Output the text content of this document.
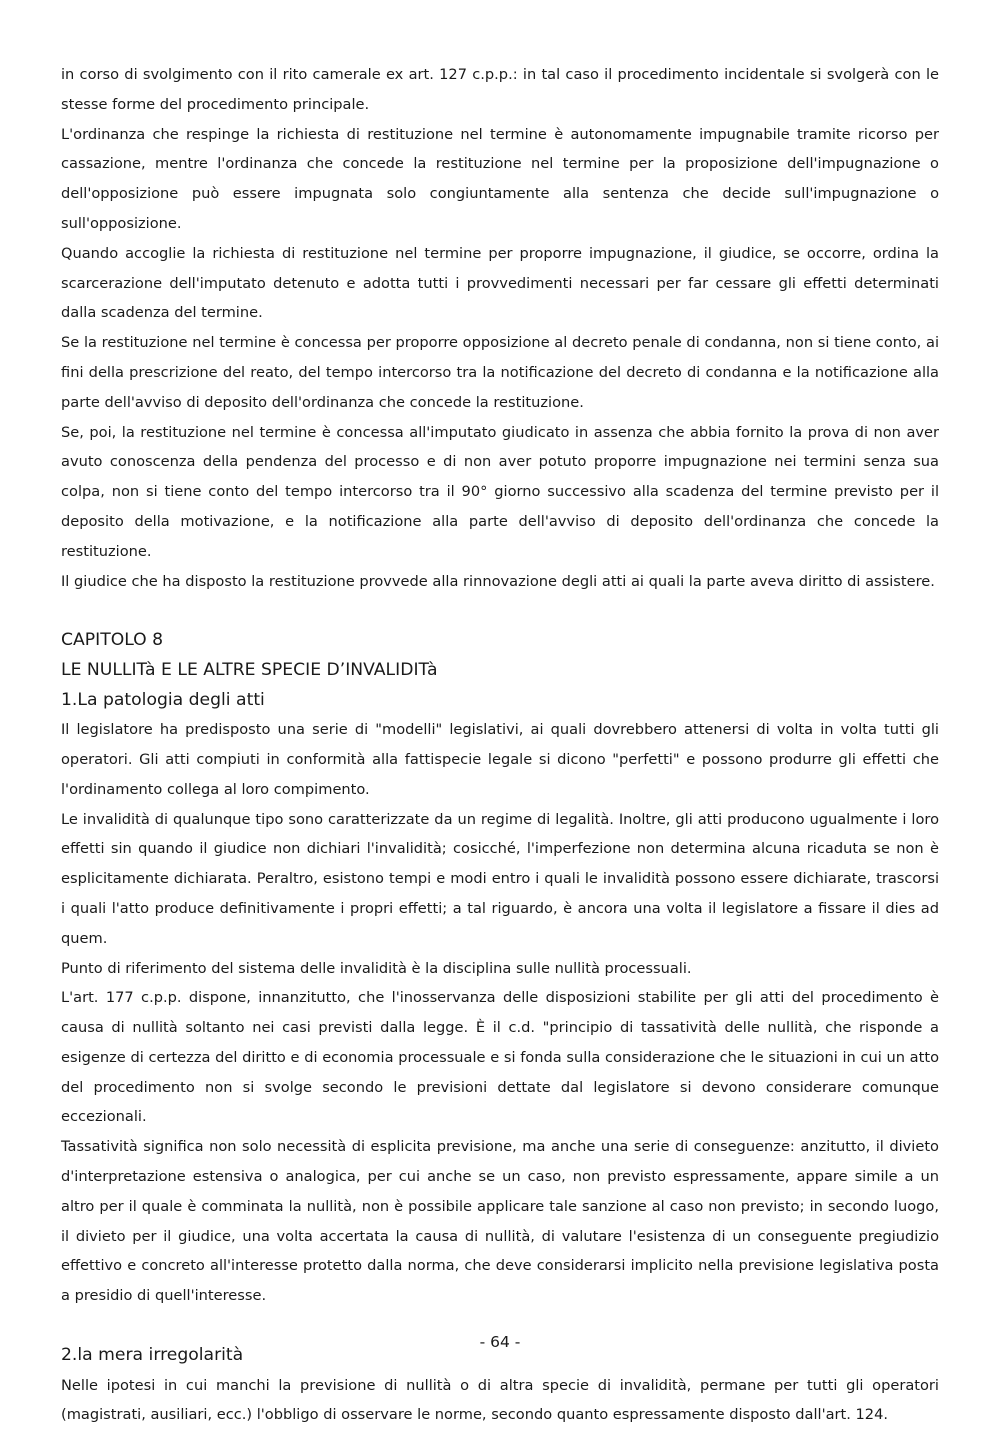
in corso di svolgimento con il rito camerale ex art. 127 c.p.p.: in tal caso il procedimento incidentale si svolgerà con le stesse forme del procedimento principale.

L'ordinanza che respinge la richiesta di restituzione nel termine è autonomamente impugnabile tramite ricorso per cassazione, mentre l'ordinanza che concede la restituzione nel termine per la proposizione dell'impugnazione o dell'opposizione può essere impugnata solo congiuntamente alla sentenza che decide sull'impugnazione o sull'opposizione.

Quando accoglie la richiesta di restituzione nel termine per proporre impugnazione, il giudice, se occorre, ordina la scarcerazione dell'imputato detenuto e adotta tutti i provvedimenti necessari per far cessare gli effetti determinati dalla scadenza del termine.

Se la restituzione nel termine è concessa per proporre opposizione al decreto penale di condanna, non si tiene conto, ai fini della prescrizione del reato, del tempo intercorso tra la notificazione del decreto di condanna e la notificazione alla parte dell'avviso di deposito dell'ordinanza che concede la restituzione.

Se, poi, la restituzione nel termine è concessa all'imputato giudicato in assenza che abbia fornito la prova di non aver avuto conoscenza della pendenza del processo e di non aver potuto proporre impugnazione nei termini senza sua colpa, non si tiene conto del tempo intercorso tra il 90° giorno successivo alla scadenza del termine previsto per il deposito della motivazione, e la notificazione alla parte dell'avviso di deposito dell'ordinanza che concede la restituzione.

Il giudice che ha disposto la restituzione provvede alla rinnovazione degli atti ai quali la parte aveva diritto di assistere.

CAPITOLO 8

LE NULLITà E LE ALTRE SPECIE D’INVALIDITà

1.La patologia degli atti

Il legislatore ha predisposto una serie di "modelli" legislativi, ai quali dovrebbero attenersi di volta in volta tutti gli operatori. Gli atti compiuti in conformità alla fattispecie legale si dicono "perfetti" e possono produrre gli effetti che l'ordinamento collega al loro compimento.

Le invalidità di qualunque tipo sono caratterizzate da un regime di legalità. Inoltre, gli atti producono ugualmente i loro effetti sin quando il giudice non dichiari l'invalidità; cosicché, l'imperfezione non determina alcuna ricaduta se non è esplicitamente dichiarata. Peraltro, esistono tempi e modi entro i quali le invalidità possono essere dichiarate, trascorsi i quali l'atto produce definitivamente i propri effetti; a tal riguardo, è ancora una volta il legislatore a fissare il dies ad quem.

Punto di riferimento del sistema delle invalidità è la disciplina sulle nullità processuali.

L'art. 177 c.p.p. dispone, innanzitutto, che l'inosservanza delle disposizioni stabilite per gli atti del procedimento è causa di nullità soltanto nei casi previsti dalla legge. È il c.d. "principio di tassatività delle nullità, che risponde a esigenze di certezza del diritto e di economia processuale e si fonda sulla considerazione che le situazioni in cui un atto del procedimento non si svolge secondo le previsioni dettate dal legislatore si devono considerare comunque eccezionali.

Tassatività significa non solo necessità di esplicita previsione, ma anche una serie di conseguenze: anzitutto, il divieto d'interpretazione estensiva o analogica, per cui anche se un caso, non previsto espressamente, appare simile a un altro per il quale è comminata la nullità, non è possibile applicare tale sanzione al caso non previsto; in secondo luogo, il divieto per il giudice, una volta accertata la causa di nullità, di valutare l'esistenza di un conseguente pregiudizio effettivo e concreto all'interesse protetto dalla norma, che deve considerarsi implicito nella previsione legislativa posta a presidio di quell'interesse.

2.la mera irregolarità

Nelle ipotesi in cui manchi la previsione di nullità o di altra specie di invalidità, permane per tutti gli operatori (magistrati, ausiliari, ecc.) l'obbligo di osservare le norme, secondo quanto espressamente disposto dall'art. 124.

- 64 -
